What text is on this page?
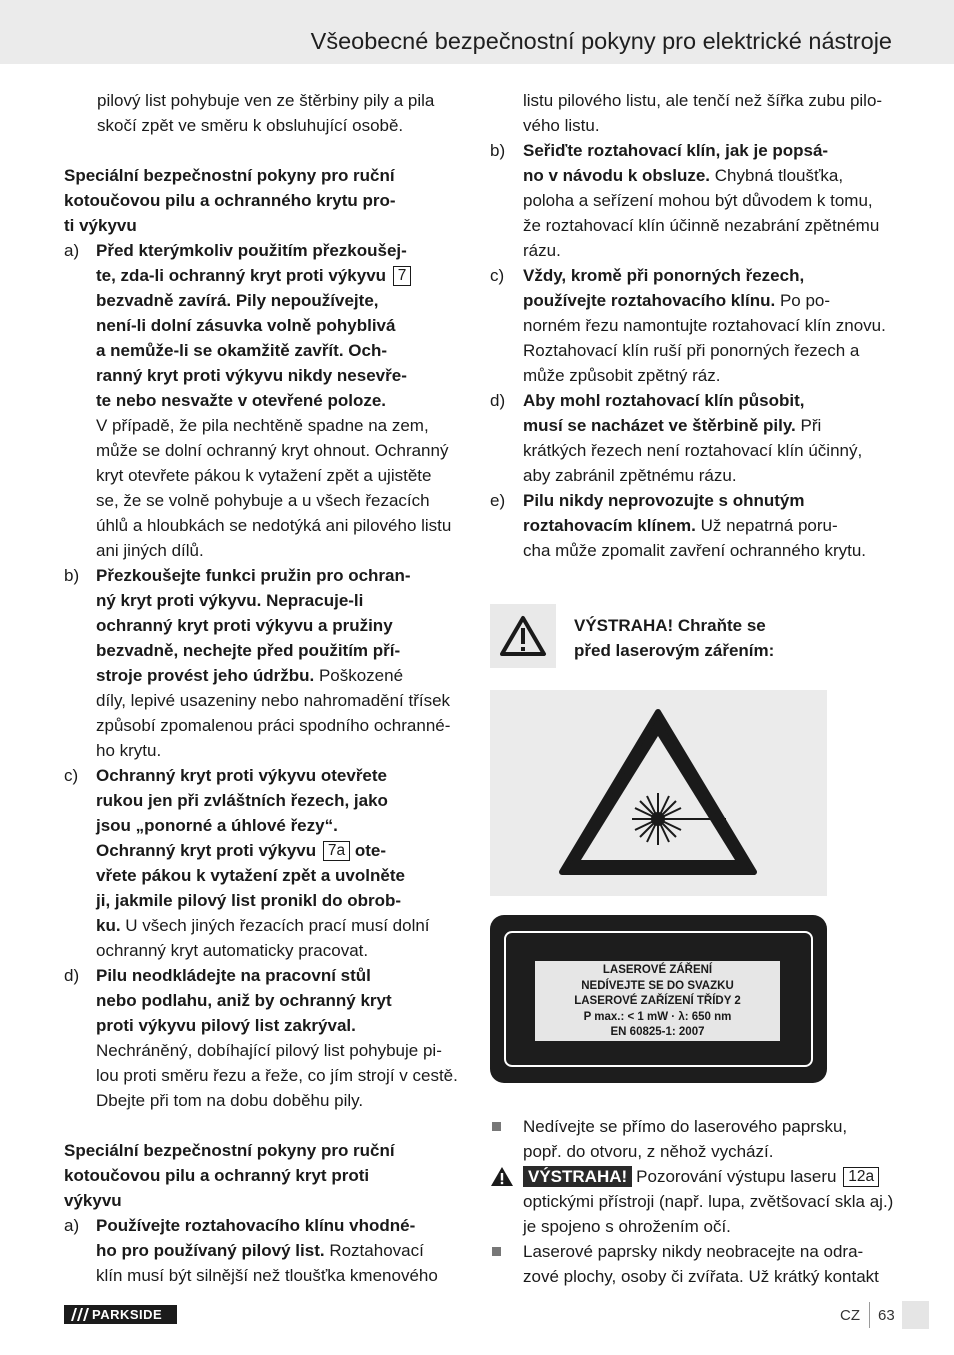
Všeobecné bezpečnostní pokyny pro elektrické nástroje
pilový list pohybuje ven ze štěrbiny pily a pila
skočí zpět ve směru k obsluhující osobě.
Speciální bezpečnostní pokyny pro ruční
kotoučovou pilu a ochranného krytu pro-
ti výkyvu
a) Před kterýmkoliv použitím přezkoušej-
te, zda-li ochranný kryt proti výkyvu 7
bezvadně zavírá. Pily nepoužívejte,
není-li dolní zásuvka volně pohyblivá
a nemůže-li se okamžitě zavřít. Och-
ranný kryt proti výkyvu nikdy nesevře-
te nebo nesvažte v otevřené poloze.
V případě, že pila nechtěně spadne na zem,
může se dolní ochranný kryt ohnout. Ochranný
kryt otevřete pákou k vytažení zpět a ujistěte
se, že se volně pohybuje a u všech řezacích
úhlů a hloubkách se nedotýká ani pilového listu
ani jiných dílů.
b) Přezkoušejte funkci pružin pro ochran-
ný kryt proti výkyvu. Nepracuje-li
ochranný kryt proti výkyvu a pružiny
bezvadně, nechejte před použitím pří-
stroje provést jeho údržbu. Poškozené
díly, lepivé usazeniny nebo nahromadění třísek
způsobí zpomalenou práci spodního ochranné-
ho krytu.
c) Ochranný kryt proti výkyvu otevřete
rukou jen při zvláštních řezech, jako
jsou „ponorné a úhlové řezy“.
Ochranný kryt proti výkyvu 7a ote-
vřete pákou k vytažení zpět a uvolněte
ji, jakmile pilový list pronikl do obrob-
ku. U všech jiných řezacích prací musí dolní
ochranný kryt automaticky pracovat.
d) Pilu neodkládejte na pracovní stůl
nebo podlahu, aniž by ochranný kryt
proti výkyvu pilový list zakrýval.
Nechráněný, dobíhající pilový list pohybuje pi-
lou proti směru řezu a řeže, co jím strojí v cestě.
Dbejte při tom na dobu doběhu pily.
Speciální bezpečnostní pokyny pro ruční
kotoučovou pilu a ochranný kryt proti
výkyvu
a) Používejte roztahovacího klínu vhodné-
ho pro používaný pilový list. Roztahovací
klín musí být silnější než tloušťka kmenového
listu pilového listu, ale tenčí než šířka zubu pilo-
vého listu.
b) Seřiďte roztahovací klín, jak je popsá-
no v návodu k obsluze. Chybná tloušťka,
poloha a seřízení mohou být důvodem k tomu,
že roztahovací klín účinně nezabrání zpětnému
rázu.
c) Vždy, kromě při ponorných řezech,
používejte roztahovacího klínu. Po po-
norném řezu namontujte roztahovací klín znovu.
Roztahovací klín ruší při ponorných řezech a
může způsobit zpětný ráz.
d) Aby mohl roztahovací klín působit,
musí se nacházet ve štěrbině pily. Při
krátkých řezech není roztahovací klín účinný,
aby zabránil zpětnému rázu.
e) Pilu nikdy neprovozujte s ohnutým
roztahovacím klínem. Už nepatrná poru-
cha může zpomalit zavření ochranného krytu.
VÝSTRAHA! Chraňte se
před laserovým zářením:
LASEROVÉ ZÁŘENÍ
NEDÍVEJTE SE DO SVAZKU
LASEROVÉ ZAŘÍZENÍ TŘÍDY 2
P max.: < 1 mW · λ: 650 nm
EN 60825-1: 2007
Nedívejte se přímo do laserového paprsku,
popř. do otvoru, z něhož vychází.
VÝSTRAHA! Pozorování výstupu laseru 12a
optickými přístroji (např. lupa, zvětšovací skla aj.)
je spojeno s ohrožením očí.
Laserové paprsky nikdy neobracejte na odra-
zové plochy, osoby či zvířata. Už krátký kontakt
PARKSIDE	CZ 63
